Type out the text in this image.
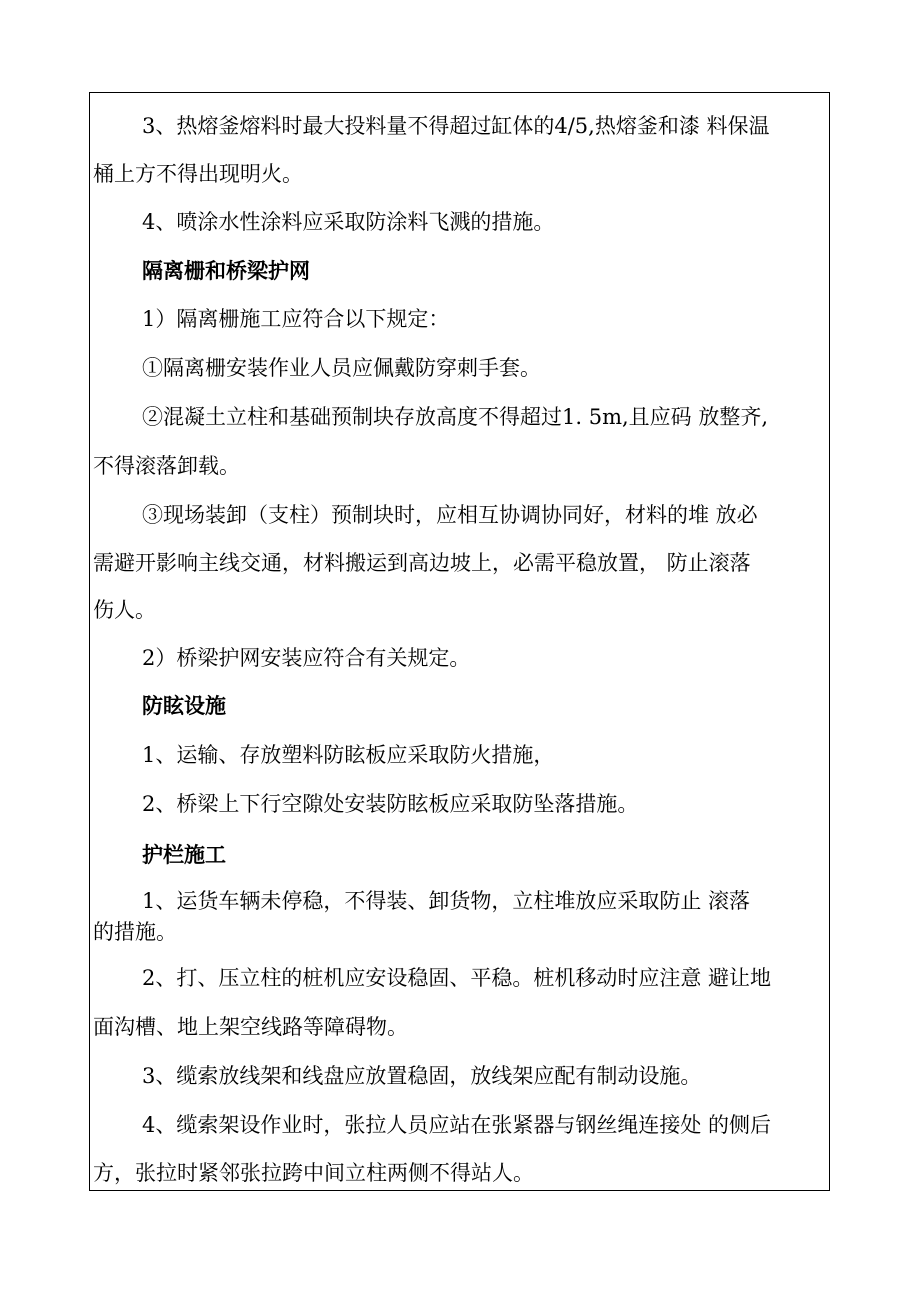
3、热熔釜熔料时最大投料量不得超过缸体的4/5,热熔釜和漆 料保温
桶上方不得出现明火。
4、喷涂水性涂料应采取防涂料飞溅的措施。
隔离栅和桥梁护网
1）隔离栅施工应符合以下规定：
①隔离栅安装作业人员应佩戴防穿刺手套。
②混凝土立柱和基础预制块存放高度不得超过1. 5m,且应码 放整齐,
不得滚落卸载。
③现场装卸（支柱）预制块时，应相互协调协同好，材料的堆 放必
需避开影响主线交通，材料搬运到高边坡上，必需平稳放置， 防止滚落
伤人。
2）桥梁护网安装应符合有关规定。
防眩设施
1、运输、存放塑料防眩板应采取防火措施，
2、桥梁上下行空隙处安装防眩板应采取防坠落措施。
护栏施工
1、运货车辆未停稳，不得装、卸货物，立柱堆放应采取防止 滚落
的措施。
2、打、压立柱的桩机应安设稳固、平稳。桩机移动时应注意 避让地
面沟槽、地上架空线路等障碍物。
3、缆索放线架和线盘应放置稳固，放线架应配有制动设施。
4、缆索架设作业时，张拉人员应站在张紧器与钢丝绳连接处 的侧后
方，张拉时紧邻张拉跨中间立柱两侧不得站人。
